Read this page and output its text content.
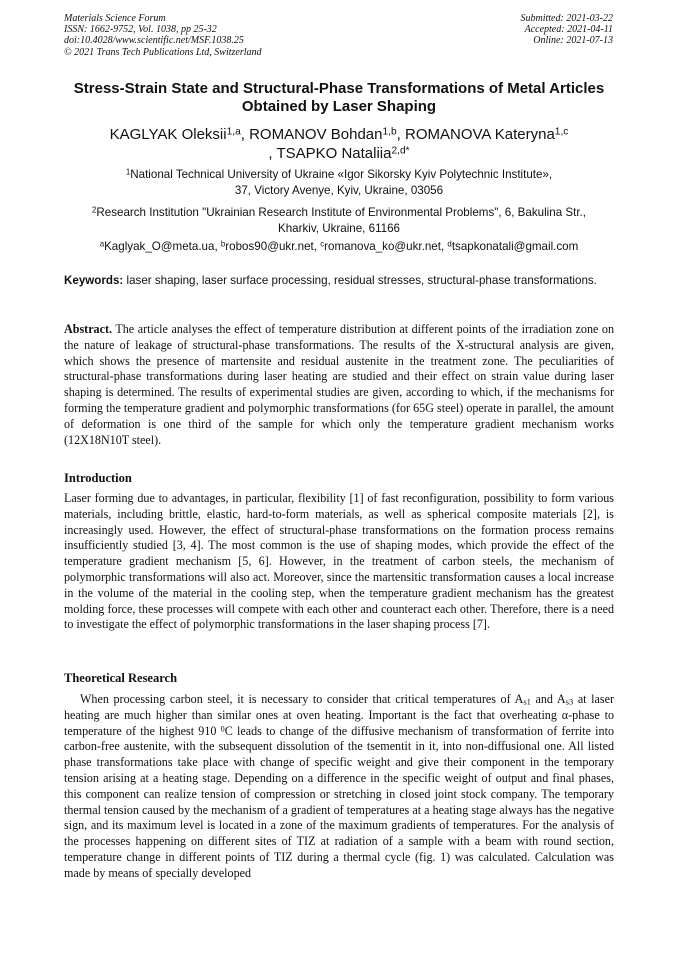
Materials Science Forum
ISSN: 1662-9752, Vol. 1038, pp 25-32
doi:10.4028/www.scientific.net/MSF.1038.25
© 2021 Trans Tech Publications Ltd, Switzerland
Submitted: 2021-03-22
Accepted: 2021-04-11
Online: 2021-07-13
Stress-Strain State and Structural-Phase Transformations of Metal Articles Obtained by Laser Shaping
KAGLYAK Oleksii$^{1,a}$, ROMANOV Bohdan$^{1,b}$, ROMANOVA Kateryna$^{1,c}$
, TSAPKO Nataliia$^{2,d*}$
$^1$National Technical University of Ukraine «Igor Sikorsky Kyiv Polytechnic Institute»,
37, Victory Avenye, Kyiv, Ukraine, 03056
$^2$Research Institution "Ukrainian Research Institute of Environmental Problems", 6, Bakulina Str.,
Kharkiv, Ukraine, 61166
$^a$Kaglyak_O@meta.ua, $^b$robos90@ukr.net, $^c$romanova_ko@ukr.net, $^d$tsapkonatali@gmail.com
Keywords: laser shaping, laser surface processing, residual stresses, structural-phase transformations.
Abstract. The article analyses the effect of temperature distribution at different points of the irradiation zone on the nature of leakage of structural-phase transformations. The results of the X-structural analysis are given, which shows the presence of martensite and residual austenite in the treatment zone. The peculiarities of structural-phase transformations during laser heating are studied and their effect on strain value during laser shaping is determined. The results of experimental studies are given, according to which, if the mechanisms for forming the temperature gradient and polymorphic transformations (for 65G steel) operate in parallel, the amount of deformation is one third of the sample for which only the temperature gradient mechanism works (12X18N10T steel).
Introduction
Laser forming due to advantages, in particular, flexibility [1] of fast reconfiguration, possibility to form various materials, including brittle, elastic, hard-to-form materials, as well as spherical composite materials [2], is increasingly used. However, the effect of structural-phase transformations on the formation process remains insufficiently studied [3, 4]. The most common is the use of shaping modes, which provide the effect of the temperature gradient mechanism [5, 6]. However, in the treatment of carbon steels, the mechanism of polymorphic transformations will also act. Moreover, since the martensitic transformation causes a local increase in the volume of the material in the cooling step, when the temperature gradient mechanism has the greatest molding force, these processes will compete with each other and counteract each other. Therefore, there is a need to investigate the effect of polymorphic transformations in the laser shaping process [7].
Theoretical Research
When processing carbon steel, it is necessary to consider that critical temperatures of $A_{s1}$ and $A_{s3}$ at laser heating are much higher than similar ones at oven heating. Important is the fact that overheating α-phase to temperature of the highest 910 $^0$C leads to change of the diffusive mechanism of transformation of ferrite into carbon-free austenite, with the subsequent dissolution of the tsementit in it, into non-diffusional one. All listed phase transformations take place with change of specific weight and give their component in the temporary tension arising at a heating stage. Depending on a difference in the specific weight of output and final phases, this component can realize tension of compression or stretching in closed joint stock company. The temporary thermal tension caused by the mechanism of a gradient of temperatures at a heating stage always has the negative sign, and its maximum level is located in a zone of the maximum gradients of temperatures. For the analysis of the processes happening on different sites of TIZ at radiation of a sample with a beam with round section, temperature change in different points of TIZ during a thermal cycle (fig. 1) was calculated. Calculation was made by means of specially developed
